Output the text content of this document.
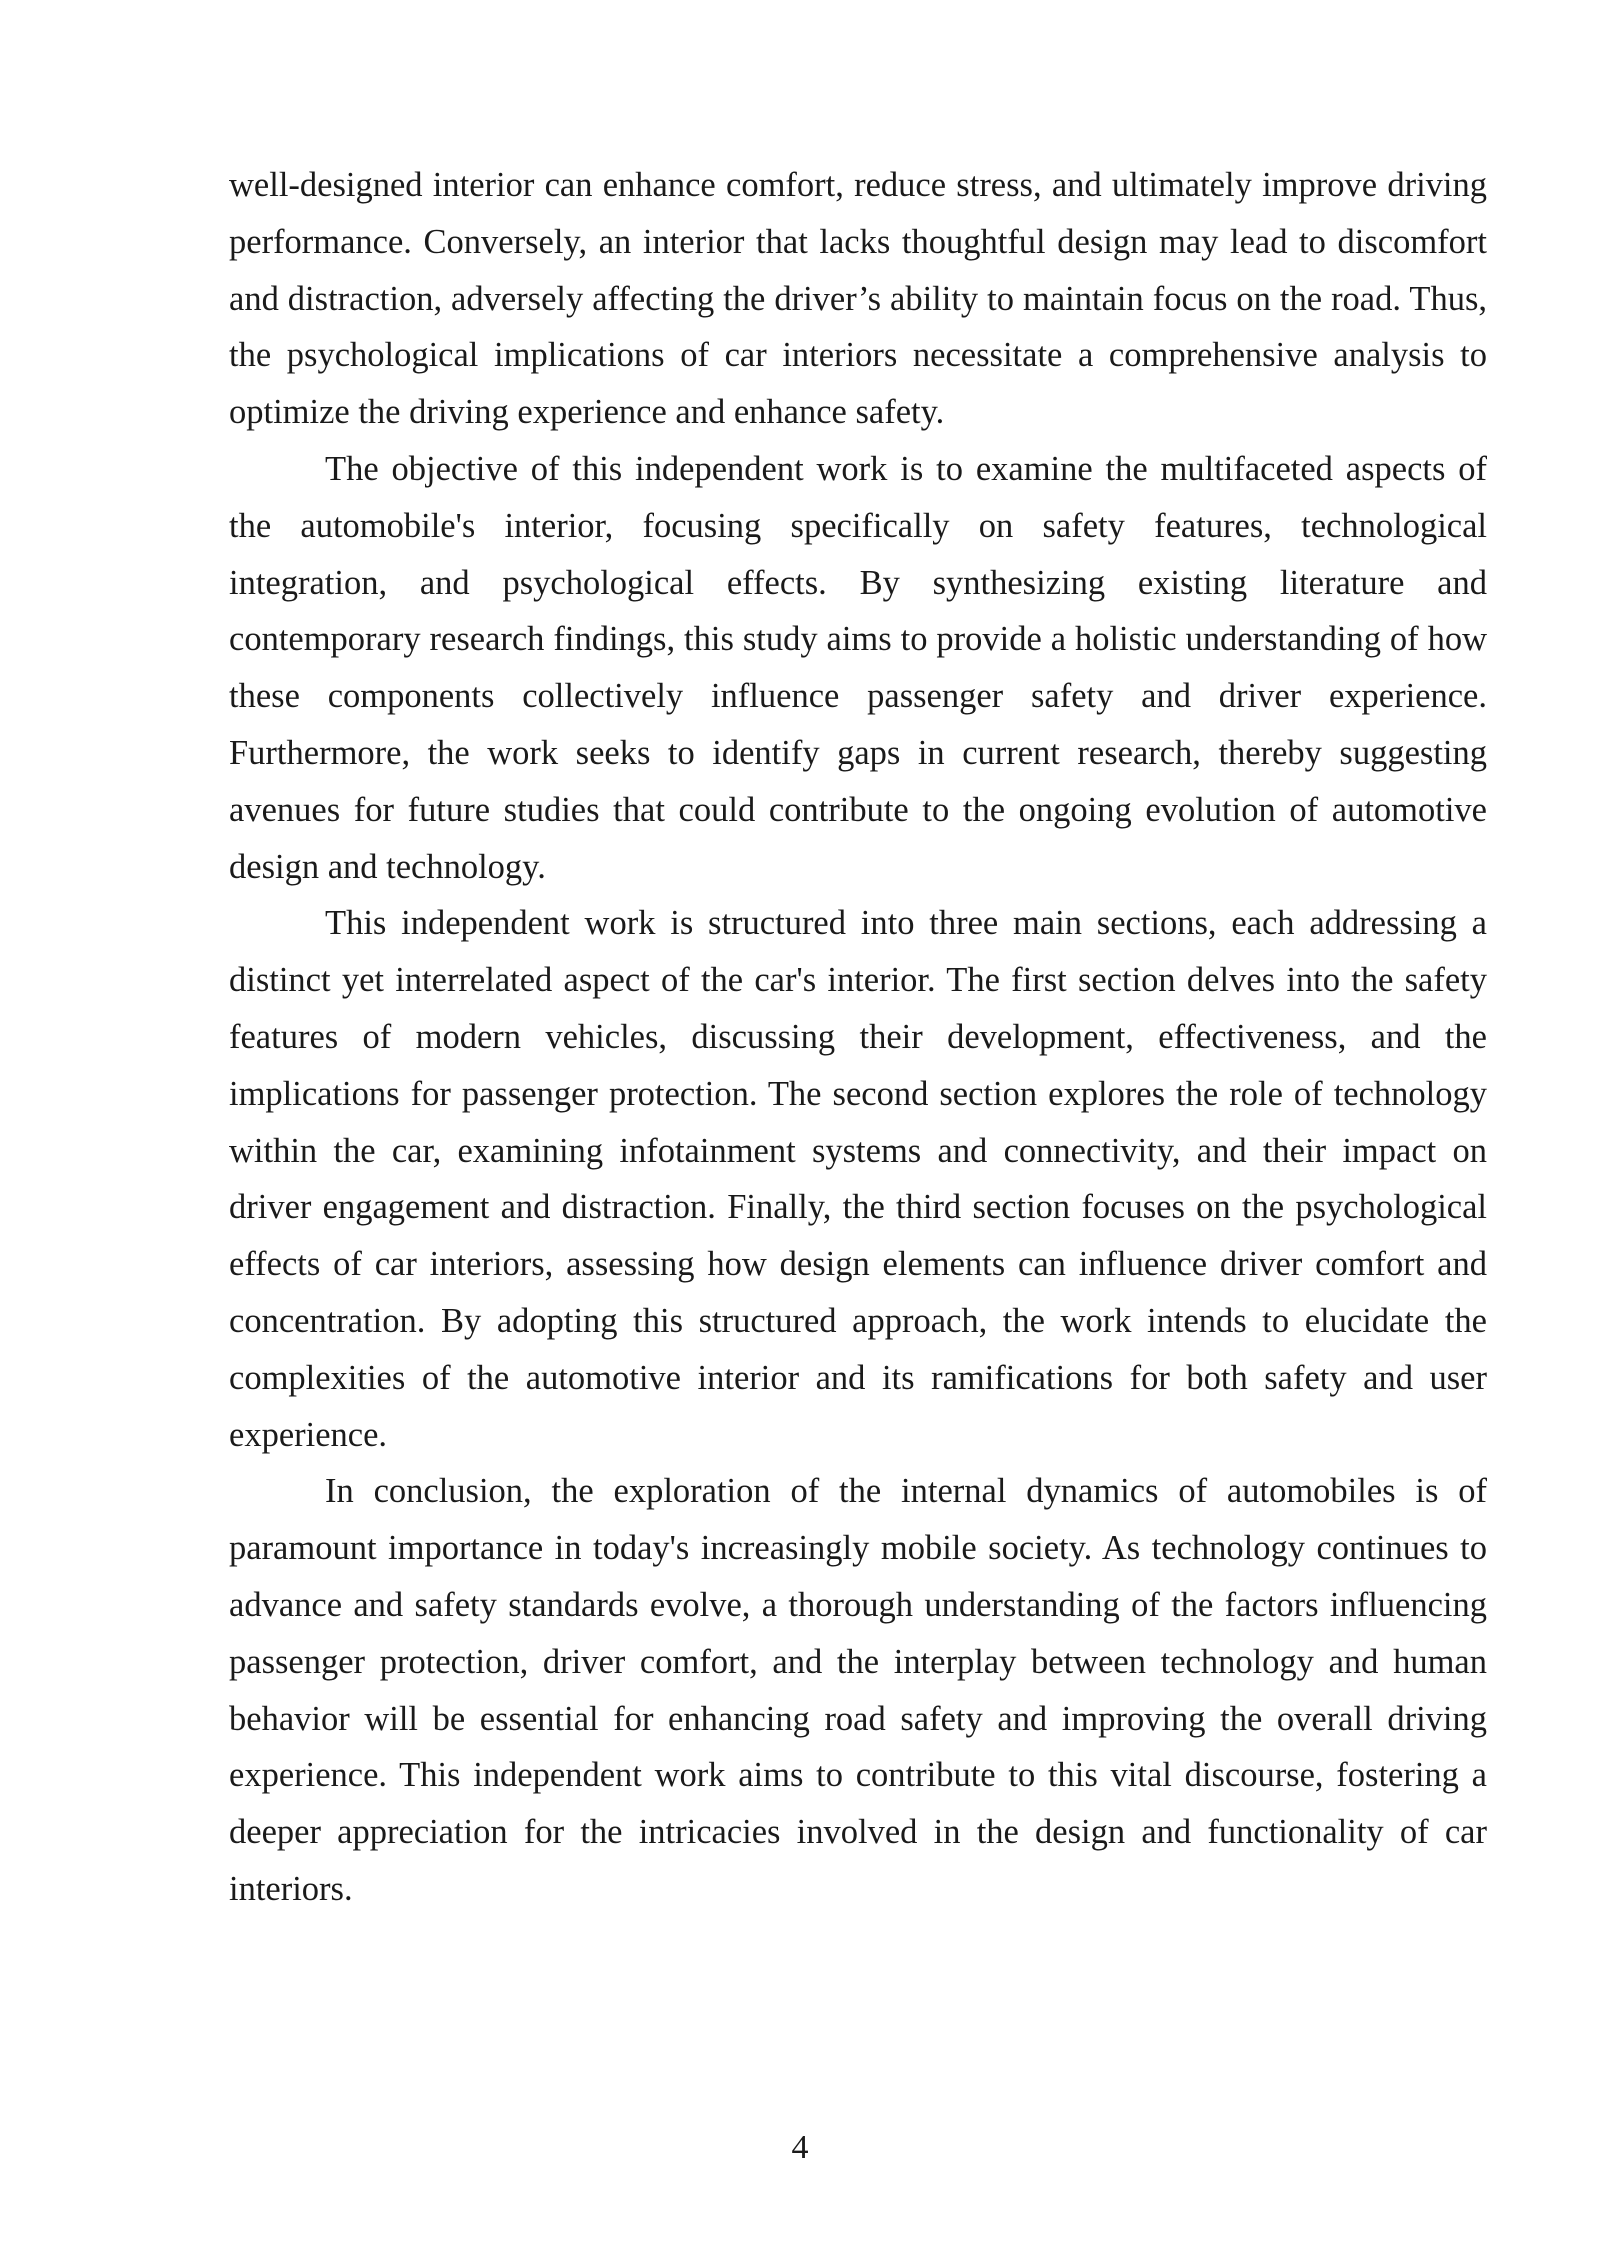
well-designed interior can enhance comfort, reduce stress, and ultimately improve driving performance. Conversely, an interior that lacks thoughtful design may lead to discomfort and distraction, adversely affecting the driver’s ability to maintain focus on the road. Thus, the psychological implications of car interiors necessitate a comprehensive analysis to optimize the driving experience and enhance safety.

The objective of this independent work is to examine the multifaceted aspects of the automobile's interior, focusing specifically on safety features, technological integration, and psychological effects. By synthesizing existing literature and contemporary research findings, this study aims to provide a holistic understanding of how these components collectively influence passenger safety and driver experience. Furthermore, the work seeks to identify gaps in current research, thereby suggesting avenues for future studies that could contribute to the ongoing evolution of automotive design and technology.

This independent work is structured into three main sections, each addressing a distinct yet interrelated aspect of the car's interior. The first section delves into the safety features of modern vehicles, discussing their development, effectiveness, and the implications for passenger protection. The second section explores the role of technology within the car, examining infotainment systems and connectivity, and their impact on driver engagement and distraction. Finally, the third section focuses on the psychological effects of car interiors, assessing how design elements can influence driver comfort and concentration. By adopting this structured approach, the work intends to elucidate the complexities of the automotive interior and its ramifications for both safety and user experience.

In conclusion, the exploration of the internal dynamics of automobiles is of paramount importance in today's increasingly mobile society. As technology continues to advance and safety standards evolve, a thorough understanding of the factors influencing passenger protection, driver comfort, and the interplay between technology and human behavior will be essential for enhancing road safety and improving the overall driving experience. This independent work aims to contribute to this vital discourse, fostering a deeper appreciation for the intricacies involved in the design and functionality of car interiors.

4
